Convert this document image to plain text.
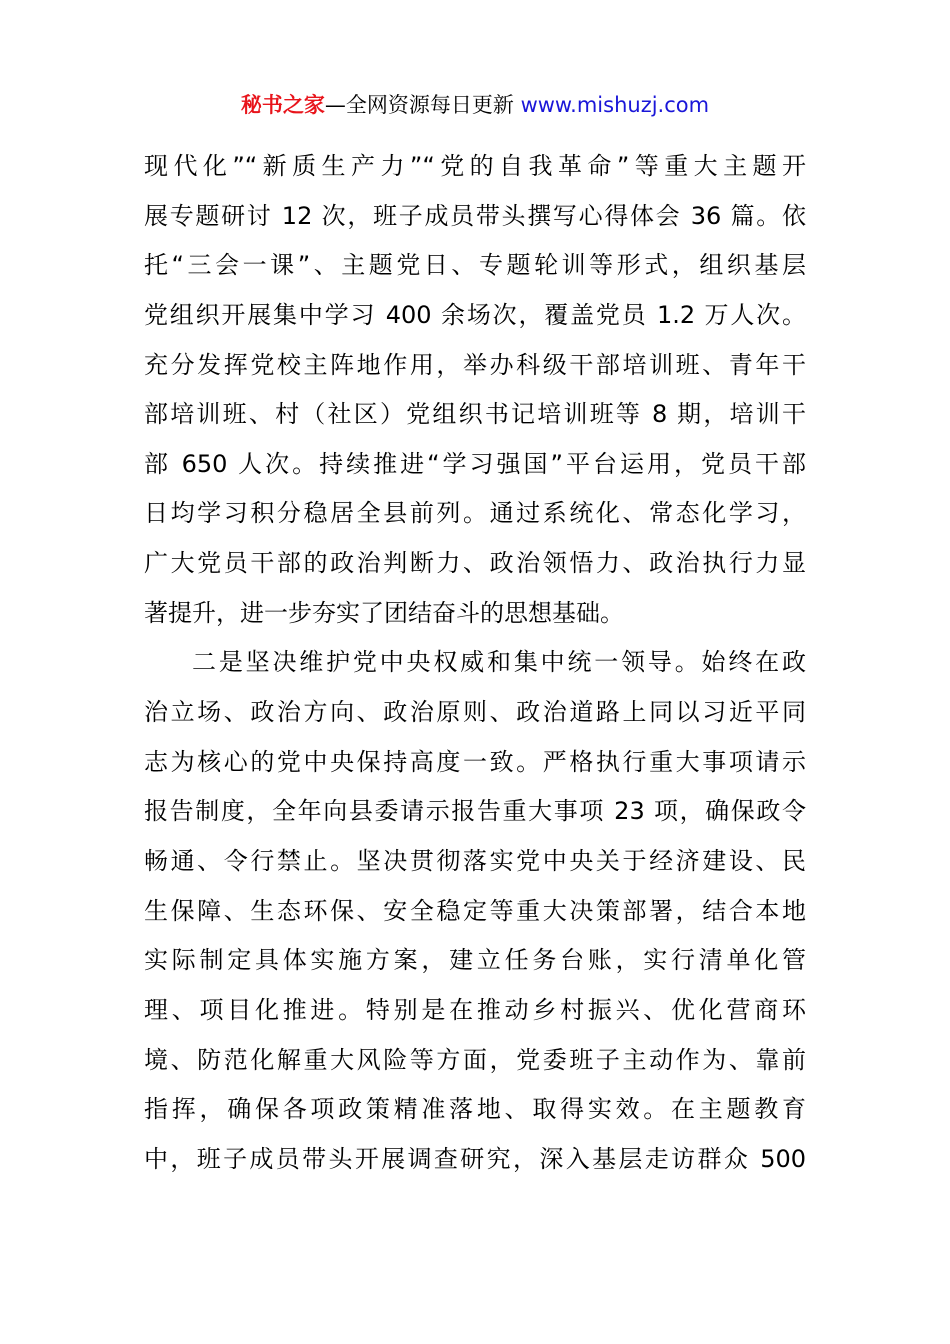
秘书之家—全网资源每日更新 www.mishuzj.com
现代化”“新质生产力”“党的自我革命”等重大主题开
展专题研讨 12 次，班子成员带头撰写心得体会 36 篇。依
托“三会一课”、主题党日、专题轮训等形式，组织基层
党组织开展集中学习 400 余场次，覆盖党员 1.2 万人次。
充分发挥党校主阵地作用，举办科级干部培训班、青年干
部培训班、村（社区）党组织书记培训班等 8 期，培训干
部 650 人次。持续推进“学习强国”平台运用，党员干部
日均学习积分稳居全县前列。通过系统化、常态化学习，
广大党员干部的政治判断力、政治领悟力、政治执行力显
著提升，进一步夯实了团结奋斗的思想基础。
二是坚决维护党中央权威和集中统一领导。始终在政
治立场、政治方向、政治原则、政治道路上同以习近平同
志为核心的党中央保持高度一致。严格执行重大事项请示
报告制度，全年向县委请示报告重大事项 23 项，确保政令
畅通、令行禁止。坚决贯彻落实党中央关于经济建设、民
生保障、生态环保、安全稳定等重大决策部署，结合本地
实际制定具体实施方案，建立任务台账，实行清单化管
理、项目化推进。特别是在推动乡村振兴、优化营商环
境、防范化解重大风险等方面，党委班子主动作为、靠前
指挥，确保各项政策精准落地、取得实效。在主题教育
中，班子成员带头开展调查研究，深入基层走访群众 500
